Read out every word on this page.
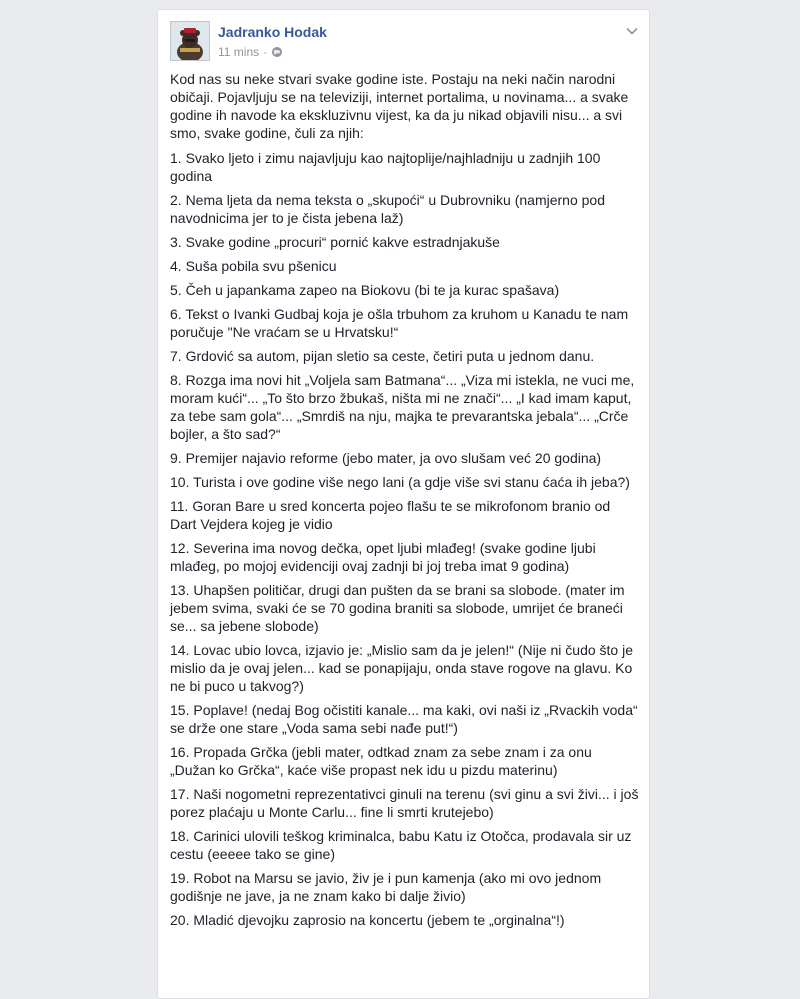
Jadranko Hodak
11 mins ·

Kod nas su neke stvari svake godine iste. Postaju na neki način narodni običaji. Pojavljuju se na televiziji, internet portalima, u novinama... a svake godine ih navode ka ekskluzivnu vijest, ka da ju nikad objavili nisu... a svi smo, svake godine, čuli za njih:

1. Svako ljeto i zimu najavljuju kao najtoplije/najhladniju u zadnjih 100 godina

2. Nema ljeta da nema teksta o „skupoći“ u Dubrovniku (namjerno pod navodnicima jer to je čista jebena laž)

3. Svake godine „procuri“ pornić kakve estradnjakuše

4. Suša pobila svu pšenicu

5. Čeh u japankama zapeo na Biokovu (bi te ja kurac spašava)

6. Tekst o Ivanki Gudbaj koja je ošla trbuhom za kruhom u Kanadu te nam poručuje "Ne vraćam se u Hrvatsku!“

7. Grdović sa autom, pijan sletio sa ceste, četiri puta u jednom danu.

8. Rozga ima novi hit „Voljela sam Batmana“... „Viza mi istekla, ne vuci me, moram kući“... „To što brzo žbukaš, ništa mi ne znači“... „I kad imam kaput, za tebe sam gola“... „Smrdiš na nju, majka te prevarantska jebala“... „Crče bojler, a što sad?“

9. Premijer najavio reforme (jebo mater, ja ovo slušam već 20 godina)

10. Turista i ove godine više nego lani (a gdje više svi stanu ćaća ih jeba?)

11. Goran Bare u sred koncerta pojeo flašu te se mikrofonom branio od Dart Vejdera kojeg je vidio

12. Severina ima novog dečka, opet ljubi mlađeg! (svake godine ljubi mlađeg, po mojoj evidenciji ovaj zadnji bi joj treba imat 9 godina)

13. Uhapšen političar, drugi dan pušten da se brani sa slobode. (mater im jebem svima, svaki će se 70 godina braniti sa slobode, umrijet će braneći se... sa jebene slobode)

14. Lovac ubio lovca, izjavio je: „Mislio sam da je jelen!“ (Nije ni čudo što je mislio da je ovaj jelen... kad se ponapijaju, onda stave rogove na glavu. Ko ne bi puco u takvog?)

15. Poplave! (nedaj Bog očistiti kanale... ma kaki, ovi naši iz „Rvackih voda“ se drže one stare „Voda sama sebi nađe put!“)

16. Propada Grčka (jebli mater, odtkad znam za sebe znam i za onu „Dužan ko Grčka“, kaće više propast nek idu u pizdu materinu)

17. Naši nogometni reprezentativci ginuli na terenu (svi ginu a svi živi... i još porez plaćaju u Monte Carlu... fine li smrti krutejebo)

18. Carinici ulovili teškog kriminalca, babu Katu iz Otočca, prodavala sir uz cestu (eeeee tako se gine)

19. Robot na Marsu se javio, živ je i pun kamenja (ako mi ovo jednom godišnje ne jave, ja ne znam kako bi dalje živio)

20. Mladić djevojku zaprosio na koncertu (jebem te „orginalna“!)
